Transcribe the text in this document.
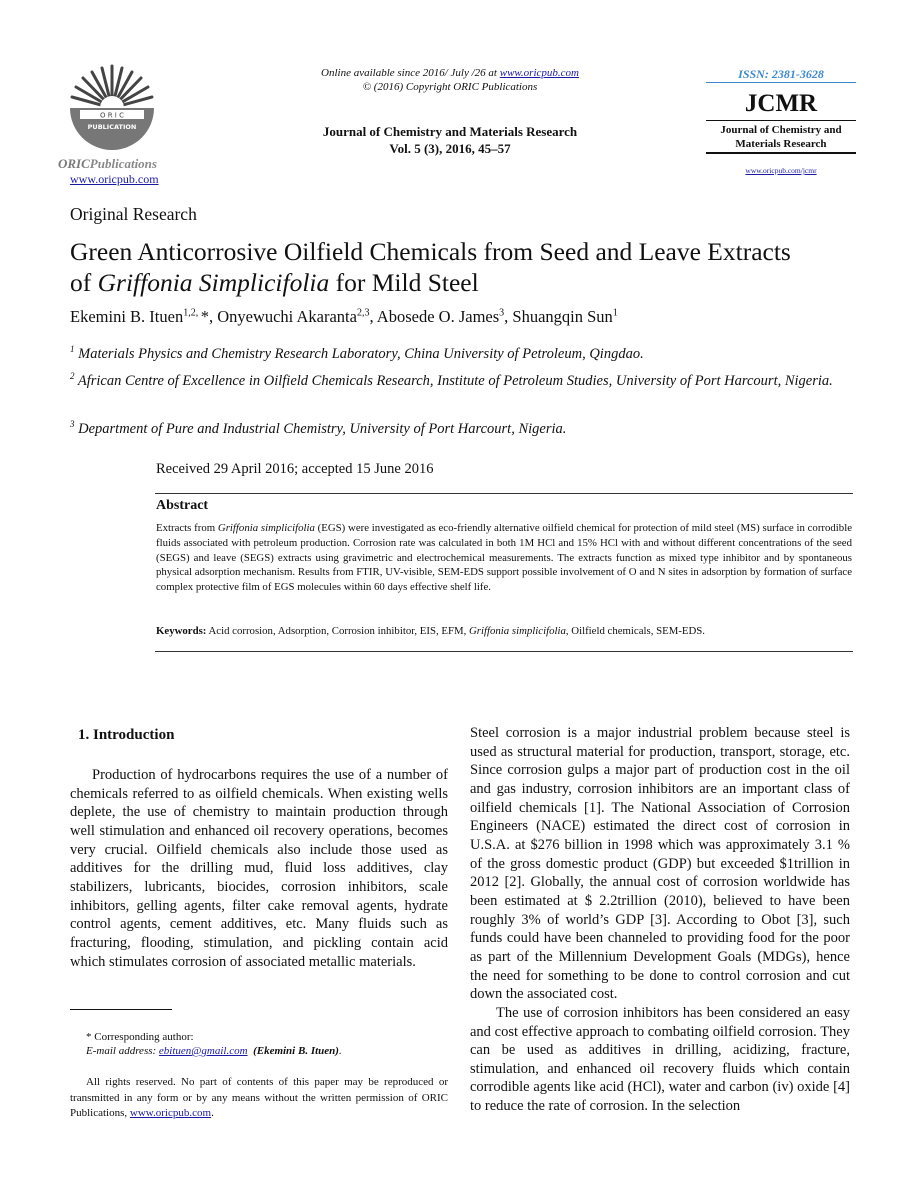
O R I C
PUBLICATION
ORICPublications
www.oricpub.com
Online available since 2016/ July /26 at www.oricpub.com
© (2016) Copyright ORIC Publications
Journal of Chemistry and Materials Research
Vol. 5 (3), 2016, 45–57
ISSN: 2381-3628
JCMR
Journal of Chemistry and
Materials Research
www.oricpub.com/jcmr
Original Research
Green Anticorrosive Oilfield Chemicals from Seed and Leave Extracts
of Griffonia Simplicifolia for Mild Steel
Ekemini B. Ituen$^{1,2,}$ *, Onyewuchi Akaranta$^{2,3}$, Abosede O. James$^3$, Shuangqin Sun$^1$
$^1$ Materials Physics and Chemistry Research Laboratory, China University of Petroleum, Qingdao.
$^2$ African Centre of Excellence in Oilfield Chemicals Research, Institute of Petroleum Studies, University of Port Harcourt, Nigeria.
$^3$ Department of Pure and Industrial Chemistry, University of Port Harcourt, Nigeria.
Received 29 April 2016; accepted 15 June 2016
Abstract
Extracts from Griffonia simplicifolia (EGS) were investigated as eco-friendly alternative oilfield chemical for protection of mild steel (MS) surface in corrodible fluids associated with petroleum production. Corrosion rate was calculated in both 1M HCl and 15% HCl with and without different concentrations of the seed (SEGS) and leave (SEGS) extracts using gravimetric and electrochemical measurements. The extracts function as mixed type inhibitor and by spontaneous physical adsorption mechanism. Results from FTIR, UV-visible, SEM-EDS support possible involvement of O and N sites in adsorption by formation of surface complex protective film of EGS molecules within 60 days effective shelf life.
Keywords: Acid corrosion, Adsorption, Corrosion inhibitor, EIS, EFM, Griffonia simplicifolia, Oilfield chemicals, SEM-EDS.
1. Introduction

Production of hydrocarbons requires the use of a number of chemicals referred to as oilfield chemicals. When existing wells deplete, the use of chemistry to maintain production through well stimulation and enhanced oil recovery operations, becomes very crucial. Oilfield chemicals also include those used as additives for the drilling mud, fluid loss additives, clay stabilizers, lubricants, biocides, corrosion inhibitors, scale inhibitors, gelling agents, filter cake removal agents, hydrate control agents, cement additives, etc. Many fluids such as fracturing, flooding, stimulation, and pickling contain acid which stimulates corrosion of associated metallic materials.

Steel corrosion is a major industrial problem because steel is used as structural material for production, transport, storage, etc. Since corrosion gulps a major part of production cost in the oil and gas industry, corrosion inhibitors are an important class of oilfield chemicals [1]. The National Association of Corrosion Engineers (NACE) estimated the direct cost of corrosion in U.S.A. at $276 billion in 1998 which was approximately 3.1 % of the gross domestic product (GDP) but exceeded $1trillion in 2012 [2]. Globally, the annual cost of corrosion worldwide has been estimated at $ 2.2trillion (2010), believed to have been roughly 3% of world’s GDP [3]. According to Obot [3], such funds could have been channeled to providing food for the poor as part of the Millennium Development Goals (MDGs), hence the need for something to be done to control corrosion and cut down the associated cost.

The use of corrosion inhibitors has been considered an easy and cost effective approach to combating oilfield corrosion. They can be used as additives in drilling, acidizing, fracture, stimulation, and enhanced oil recovery fluids which contain corrodible agents like acid (HCl), water and carbon (iv) oxide [4] to reduce the rate of corrosion. In the selection

* Corresponding author:
E-mail address: ebituen@gmail.com (Ekemini B. Ituen).
All rights reserved. No part of contents of this paper may be reproduced or transmitted in any form or by any means without the written permission of ORIC Publications, www.oricpub.com.
